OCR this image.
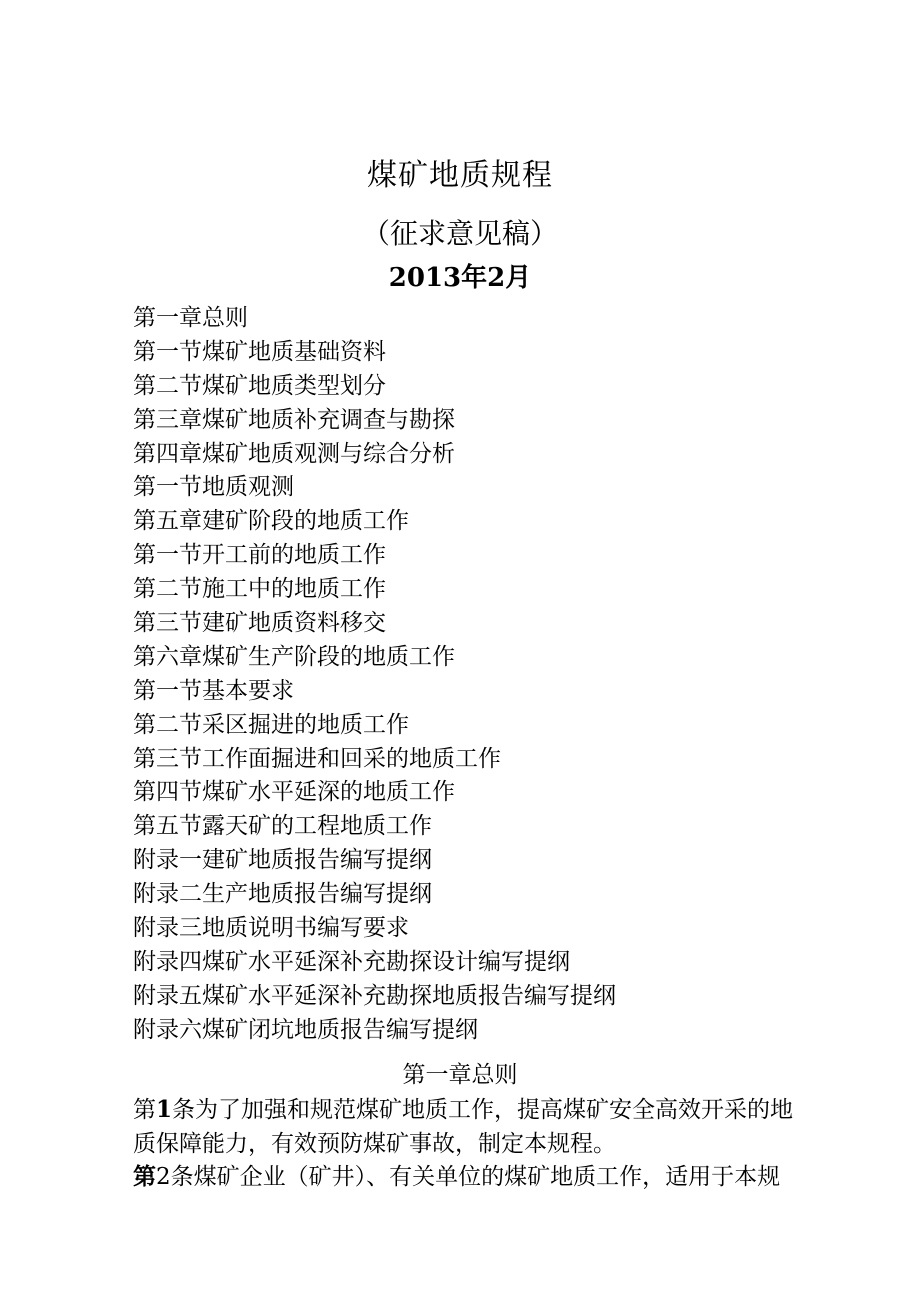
煤矿地质规程
（征求意见稿）
2013年2月
第一章总则
第一节煤矿地质基础资料
第二节煤矿地质类型划分
第三章煤矿地质补充调查与勘探
第四章煤矿地质观测与综合分析
第一节地质观测
第五章建矿阶段的地质工作
第一节开工前的地质工作
第二节施工中的地质工作
第三节建矿地质资料移交
第六章煤矿生产阶段的地质工作
第一节基本要求
第二节采区掘进的地质工作
第三节工作面掘进和回采的地质工作
第四节煤矿水平延深的地质工作
第五节露天矿的工程地质工作
附录一建矿地质报告编写提纲
附录二生产地质报告编写提纲
附录三地质说明书编写要求
附录四煤矿水平延深补充勘探设计编写提纲
附录五煤矿水平延深补充勘探地质报告编写提纲
附录六煤矿闭坑地质报告编写提纲
第一章总则
第1条为了加强和规范煤矿地质工作，提高煤矿安全高效开采的地质保障能力，有效预防煤矿事故，制定本规程。
第2条煤矿企业（矿井）、有关单位的煤矿地质工作，适用于本规
